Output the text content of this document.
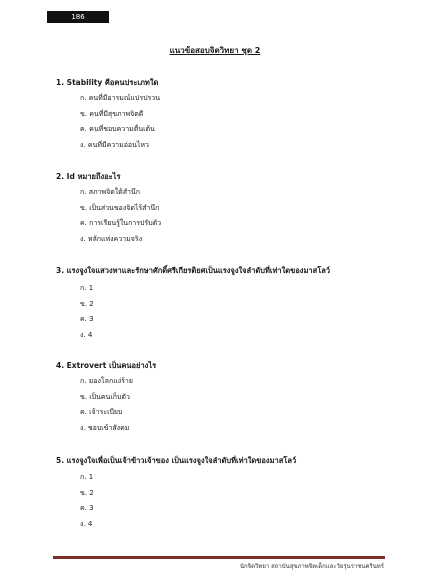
186
แนวข้อสอบจิตวิทยา ชุด 2
1. Stability คือคนประเภทใด
ก. คนที่มีอารมณ์แปรปรวน
ข. คนที่มีสุขภาพจิตดี
ค. คนที่ชอบความตื่นเต้น
ง. คนที่มีความอ่อนไหว
2. Id หมายถึงอะไร
ก. สภาพจิตใต้สำนึก
ข. เป็นส่วนของจิตไร้สำนึก
ค. การเรียนรู้ในการปรับตัว
ง. หลักแห่งความจริง
3. แรงจูงใจแสวงหาและรักษาศักดิ์ศรีเกียรติยศเป็นแรงจูงใจลำดับที่เท่าใดของมาสโลว์
ก. 1
ข. 2
ค. 3
ง. 4
4. Extrovert เป็นคนอย่างไร
ก. มองโลกแง่ร้าย
ข. เป็นคนเก็บตัว
ค. เจ้าระเบียบ
ง. ชอบเข้าสังคม
5. แรงจูงใจเพื่อเป็นเจ้าข้าวเจ้าของ เป็นแรงจูงใจลำดับที่เท่าใดของมาสโลว์
ก. 1
ข. 2
ค. 3
ง. 4
นักจิตวิทยา สถาบันสุขภาพจิตเด็กและวัยรุ่นราชนครินทร์
